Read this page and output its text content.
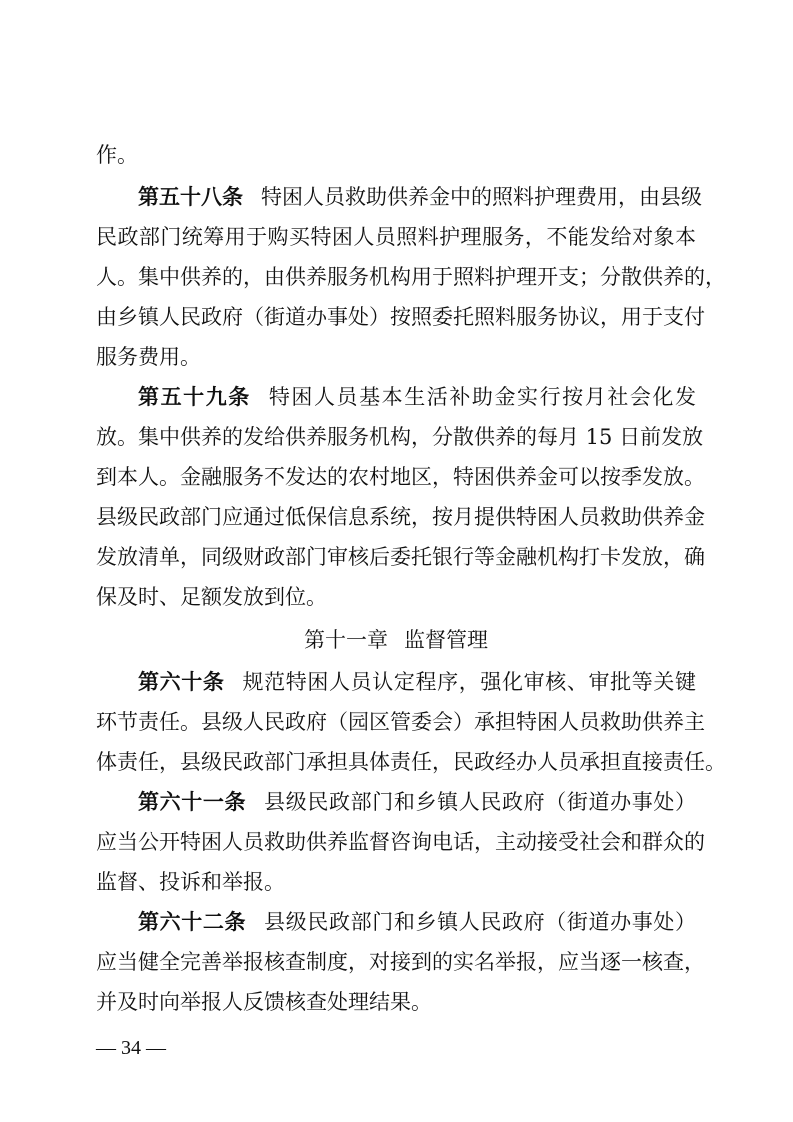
作。
第五十八条 特困人员救助供养金中的照料护理费用，由县级
民政部门统筹用于购买特困人员照料护理服务，不能发给对象本
人。集中供养的，由供养服务机构用于照料护理开支；分散供养的，
由乡镇人民政府（街道办事处）按照委托照料服务协议，用于支付
服务费用。
第五十九条 特困人员基本生活补助金实行按月社会化发
放。集中供养的发给供养服务机构，分散供养的每月 15 日前发放
到本人。金融服务不发达的农村地区，特困供养金可以按季发放。
县级民政部门应通过低保信息系统，按月提供特困人员救助供养金
发放清单，同级财政部门审核后委托银行等金融机构打卡发放，确
保及时、足额发放到位。
第十一章 监督管理
第六十条 规范特困人员认定程序，强化审核、审批等关键
环节责任。县级人民政府（园区管委会）承担特困人员救助供养主
体责任，县级民政部门承担具体责任，民政经办人员承担直接责任。
第六十一条 县级民政部门和乡镇人民政府（街道办事处）
应当公开特困人员救助供养监督咨询电话，主动接受社会和群众的
监督、投诉和举报。
第六十二条 县级民政部门和乡镇人民政府（街道办事处）
应当健全完善举报核查制度，对接到的实名举报，应当逐一核查，
并及时向举报人反馈核查处理结果。
— 34 —
